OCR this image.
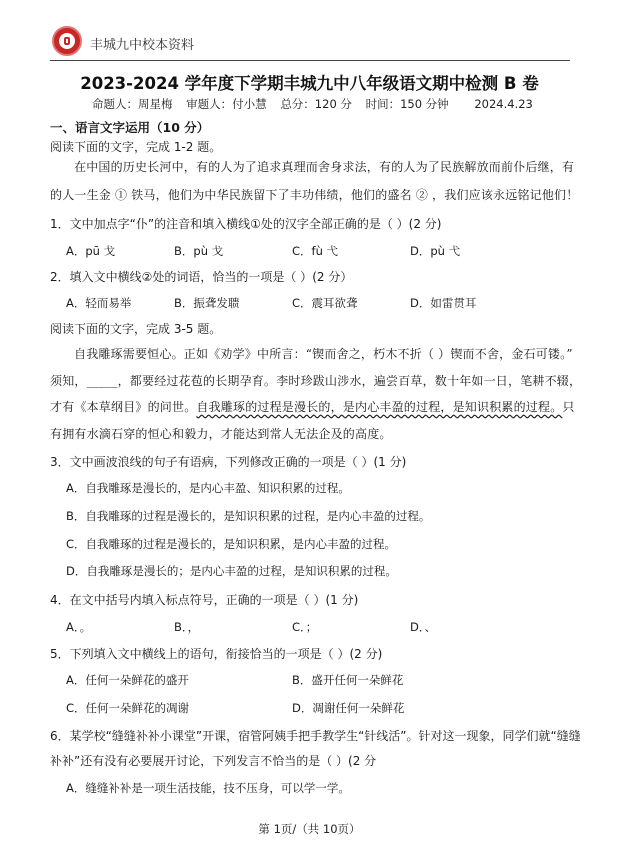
丰城九中校本资料
2023-2024 学年度下学期丰城九中八年级语文期中检测 B 卷
命题人：周星梅 审题人：付小慧 总分：120 分 时间：150 分钟 2024.4.23
一、语言文字运用（10 分）
阅读下面的文字，完成 1-2 题。
在中国的历史长河中，有的人为了追求真理而舍身求法，有的人为了民族解放而前仆后继，有
的人一生金 ① 铁马，他们为中华民族留下了丰功伟绩，他们的盛名 ② ，我们应该永远铭记他们！
1．文中加点字“仆”的注音和填入横线①处的汉字全部正确的是（ ）(2 分)
A．pū 戈	B．pù 戈	C．fù 弋	D．pù 弋
2．填入文中横线②处的词语，恰当的一项是（ ）(2 分）
A．轻而易举	B．振聋发聩	C．震耳欲聋	D．如雷贯耳
阅读下面的文字，完成 3-5 题。
自我雕琢需要恒心。正如《劝学》中所言：“锲而舍之，朽木不折（ ）锲而不舍，金石可镂。”
须知，_____，都要经过花苞的长期孕育。李时珍跋山涉水，遍尝百草，数十年如一日，笔耕不辍，
才有《本草纲目》的问世。自我雕琢的过程是漫长的，是内心丰盈的过程，是知识积累的过程。只
有拥有水滴石穿的恒心和毅力，才能达到常人无法企及的高度。
3．文中画波浪线的句子有语病，下列修改正确的一项是（ ）(1 分)
A．自我雕琢是漫长的，是内心丰盈、知识积累的过程。
B．自我雕琢的过程是漫长的，是知识积累的过程，是内心丰盈的过程。
C．自我雕琢的过程是漫长的，是知识积累，是内心丰盈的过程。
D．自我雕琢是漫长的；是内心丰盈的过程，是知识积累的过程。
4．在文中括号内填入标点符号，正确的一项是（ ）(1 分)
A．。	B．，	C．；	D．、
5．下列填入文中横线上的语句，衔接恰当的一项是（ ）(2 分)
A．任何一朵鲜花的盛开	B．盛开任何一朵鲜花
C．任何一朵鲜花的凋谢	D．凋谢任何一朵鲜花
6．某学校“缝缝补补小课堂”开课，宿管阿姨手把手教学生“针线活”。针对这一现象，同学们就“缝缝
补补”还有没有必要展开讨论，下列发言不恰当的是（ ）(2 分
A．缝缝补补是一项生活技能，技不压身，可以学一学。
第 1页/（共 10页）
